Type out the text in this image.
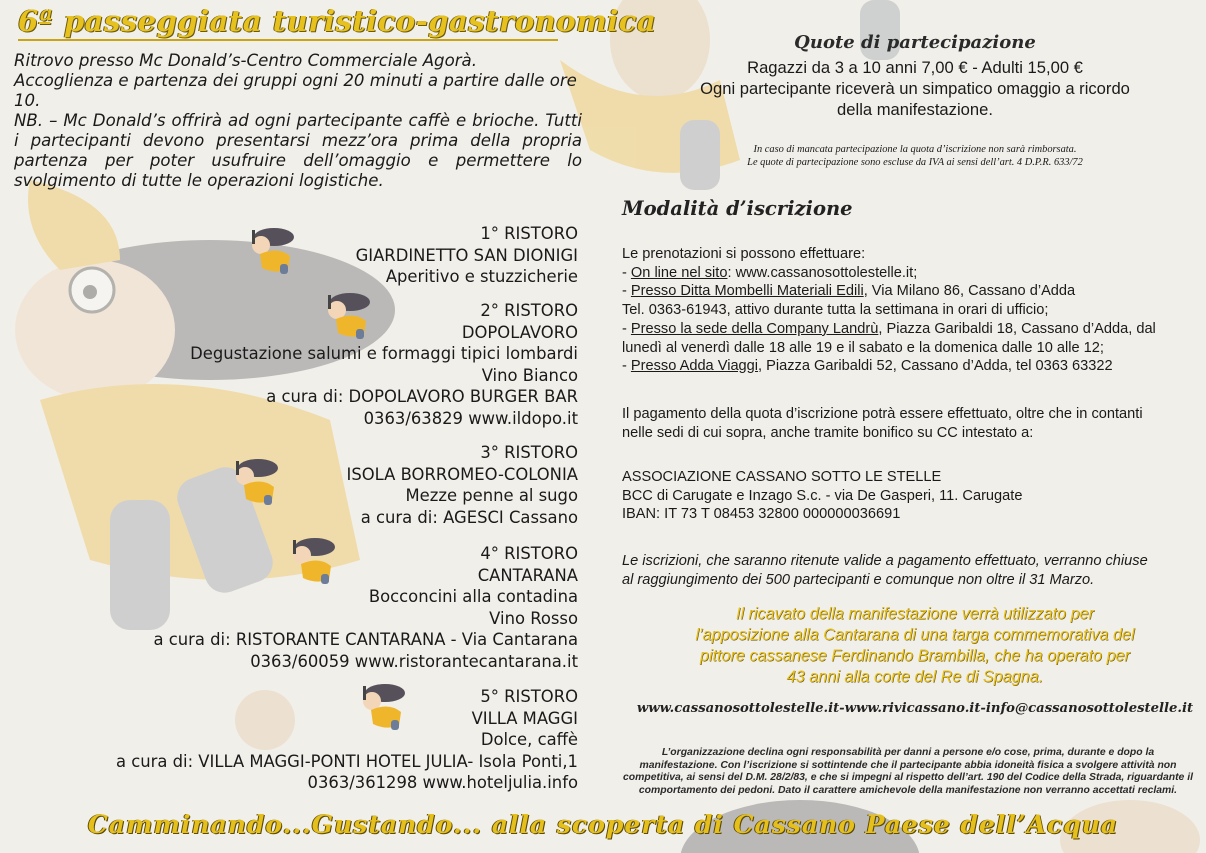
6ª passeggiata turistico-gastronomica

Ritrovo presso Mc Donald’s-Centro Commerciale Agorà.

Accoglienza e partenza dei gruppi ogni 20 minuti a partire dalle ore 10.

NB. – Mc Donald’s offrirà ad ogni partecipante caffè e brioche. Tutti i partecipanti devono presentarsi mezz’ora prima della propria partenza per poter usufruire dell’omaggio e permettere lo svolgimento di tutte le operazioni logistiche.

1° RISTORO
GIARDINETTO SAN DIONIGI
Aperitivo e stuzzicherie
2° RISTORO
DOPOLAVORO
Degustazione salumi e formaggi tipici lombardi
Vino Bianco
a cura di: DOPOLAVORO BURGER BAR
0363/63829 www.ildopo.it
3° RISTORO
ISOLA BORROMEO-COLONIA
Mezze penne al sugo
a cura di: AGESCI Cassano
4° RISTORO
CANTARANA
Bocconcini alla contadina
Vino Rosso
a cura di: RISTORANTE CANTARANA - Via Cantarana
0363/60059 www.ristorantecantarana.it
5° RISTORO
VILLA MAGGI
Dolce, caffè
a cura di: VILLA MAGGI-PONTI HOTEL JULIA- Isola Ponti,1
0363/361298 www.hoteljulia.info
Quote di partecipazione
Ragazzi da 3 a 10 anni 7,00 € - Adulti 15,00 €
Ogni partecipante riceverà un simpatico omaggio a ricordo
della manifestazione.
In caso di mancata partecipazione la quota d’iscrizione non sarà rimborsata.
Le quote di partecipazione sono escluse da IVA ai sensi dell’art. 4 D.P.R. 633/72
Modalità d’iscrizione
Le prenotazioni si possono effettuare:
- On line nel sito: www.cassanosottolestelle.it;
- Presso Ditta Mombelli Materiali Edili, Via Milano 86, Cassano d’Adda
Tel. 0363-61943, attivo durante tutta la settimana in orari di ufficio;
- Presso la sede della Company Landrù, Piazza Garibaldi 18, Cassano d’Adda, dal
lunedì al venerdì dalle 18 alle 19 e il sabato e la domenica dalle 10 alle 12;
- Presso Adda Viaggi, Piazza Garibaldi 52, Cassano d’Adda, tel 0363 63322
Il pagamento della quota d’iscrizione potrà essere effettuato, oltre che in contanti
nelle sedi di cui sopra, anche tramite bonifico su CC intestato a:
ASSOCIAZIONE CASSANO SOTTO LE STELLE
BCC di Carugate e Inzago S.c. - via De Gasperi, 11. Carugate
IBAN: IT 73 T 08453 32800 000000036691
Le iscrizioni, che saranno ritenute valide a pagamento effettuato, verranno chiuse
al raggiungimento dei 500 partecipanti e comunque non oltre il 31 Marzo.
Il ricavato della manifestazione verrà utilizzato per
l’apposizione alla Cantarana di una targa commemorativa del
pittore cassanese Ferdinando Brambilla, che ha operato per
43 anni alla corte del Re di Spagna.
www.cassanosottolestelle.it-www.rivicassano.it-info@cassanosottolestelle.it
L’organizzazione declina ogni responsabilità per danni a persone e/o cose, prima, durante e dopo la manifestazione. Con l’iscrizione si sottintende che il partecipante abbia idoneità fisica a svolgere attività non competitiva, ai sensi del D.M. 28/2/83, e che si impegni al rispetto dell’art. 190 del Codice della Strada, riguardante il comportamento dei pedoni. Dato il carattere amichevole della manifestazione non verranno accettati reclami.
Camminando...Gustando... alla scoperta di Cassano Paese dell’Acqua
